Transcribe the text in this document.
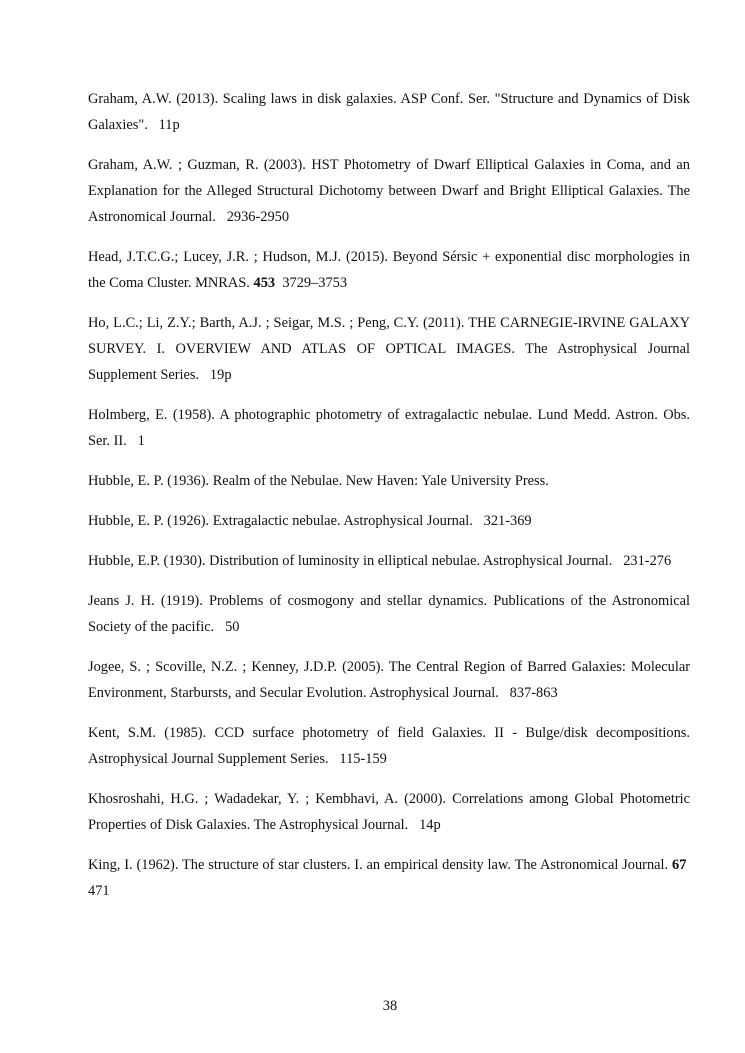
Graham, A.W. (2013). Scaling laws in disk galaxies. ASP Conf. Ser. "Structure and Dynamics of Disk Galaxies". 11p

Graham, A.W. ; Guzman, R. (2003). HST Photometry of Dwarf Elliptical Galaxies in Coma, and an Explanation for the Alleged Structural Dichotomy between Dwarf and Bright Elliptical Galaxies. The Astronomical Journal. 2936-2950

Head, J.T.C.G.; Lucey, J.R. ; Hudson, M.J. (2015). Beyond Sérsic + exponential disc morphologies in the Coma Cluster. MNRAS. 453 3729–3753

Ho, L.C.; Li, Z.Y.; Barth, A.J. ; Seigar, M.S. ; Peng, C.Y. (2011). THE CARNEGIE-IRVINE GALAXY SURVEY. I. OVERVIEW AND ATLAS OF OPTICAL IMAGES. The Astrophysical Journal Supplement Series. 19p

Holmberg, E. (1958). A photographic photometry of extragalactic nebulae. Lund Medd. Astron. Obs. Ser. II. 1

Hubble, E. P. (1936). Realm of the Nebulae. New Haven: Yale University Press.

Hubble, E. P. (1926). Extragalactic nebulae. Astrophysical Journal. 321-369

Hubble, E.P. (1930). Distribution of luminosity in elliptical nebulae. Astrophysical Journal. 231-276

Jeans J. H. (1919). Problems of cosmogony and stellar dynamics. Publications of the Astronomical Society of the pacific. 50

Jogee, S. ; Scoville, N.Z. ; Kenney, J.D.P. (2005). The Central Region of Barred Galaxies: Molecular Environment, Starbursts, and Secular Evolution. Astrophysical Journal. 837-863

Kent, S.M. (1985). CCD surface photometry of field Galaxies. II - Bulge/disk decompositions. Astrophysical Journal Supplement Series. 115-159

Khosroshahi, H.G. ; Wadadekar, Y. ; Kembhavi, A. (2000). Correlations among Global Photometric Properties of Disk Galaxies. The Astrophysical Journal. 14p

King, I. (1962). The structure of star clusters. I. an empirical density law. The Astronomical Journal. 67  471

38
